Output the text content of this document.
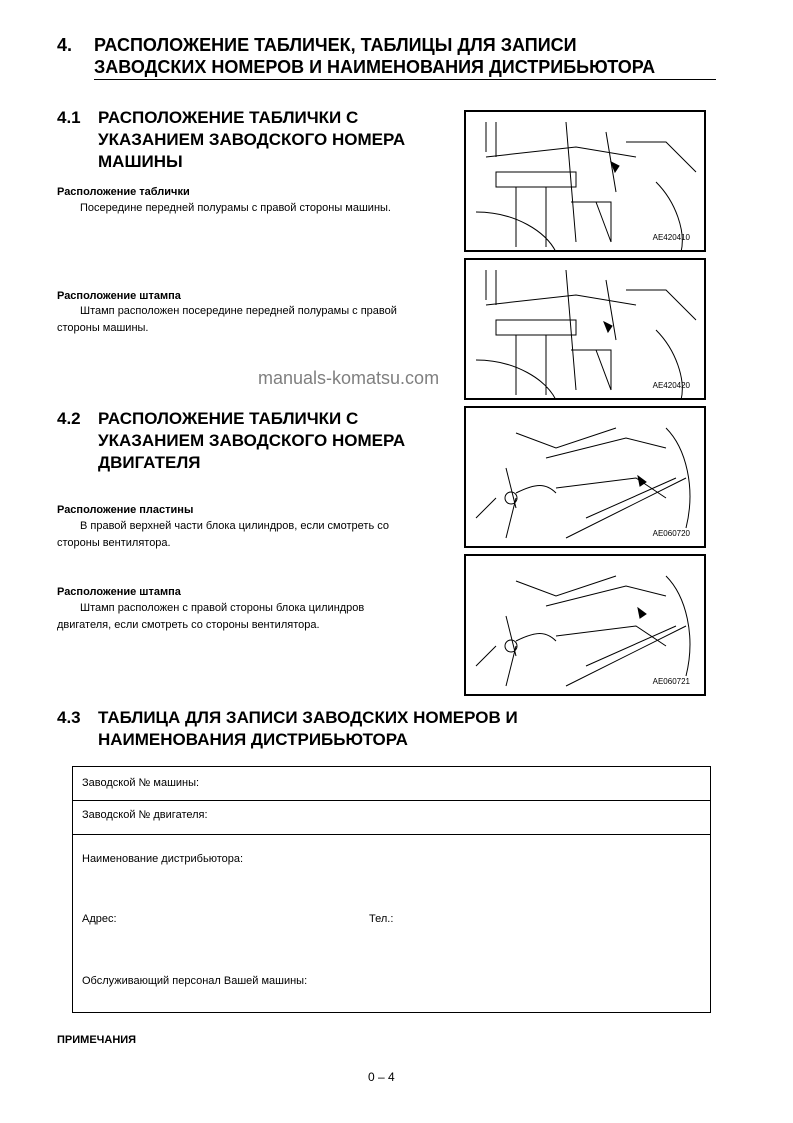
4. РАСПОЛОЖЕНИЕ ТАБЛИЧЕК, ТАБЛИЦЫ ДЛЯ ЗАПИСИ
ЗАВОДСКИХ НОМЕРОВ И НАИМЕНОВАНИЯ ДИСТРИБЬЮТОРА
4.1 РАСПОЛОЖЕНИЕ ТАБЛИЧКИ С
УКАЗАНИЕМ ЗАВОДСКОГО НОМЕРА
МАШИНЫ
Расположение таблички
Посередине передней полурамы с правой стороны машины.
Расположение штампа
Штамп расположен посередине передней полурамы с правой
стороны машины.
AE420410
AE420420
AE060720
AE060721
manuals-komatsu.com
4.2 РАСПОЛОЖЕНИЕ ТАБЛИЧКИ С
УКАЗАНИЕМ ЗАВОДСКОГО НОМЕРА
ДВИГАТЕЛЯ
Расположение пластины
В правой верхней части блока цилиндров, если смотреть со
стороны вентилятора.
Расположение штампа
Штамп расположен с правой стороны блока цилиндров
двигателя, если смотреть со стороны вентилятора.
4.3 ТАБЛИЦА ДЛЯ ЗАПИСИ ЗАВОДСКИХ НОМЕРОВ И
НАИМЕНОВАНИЯ ДИСТРИБЬЮТОРА
Заводской № машины:
Заводской № двигателя:
Наименование дистрибьютора:
Адрес:	Тел.:
Обслуживающий персонал Вашей машины:
ПРИМЕЧАНИЯ
0 – 4
